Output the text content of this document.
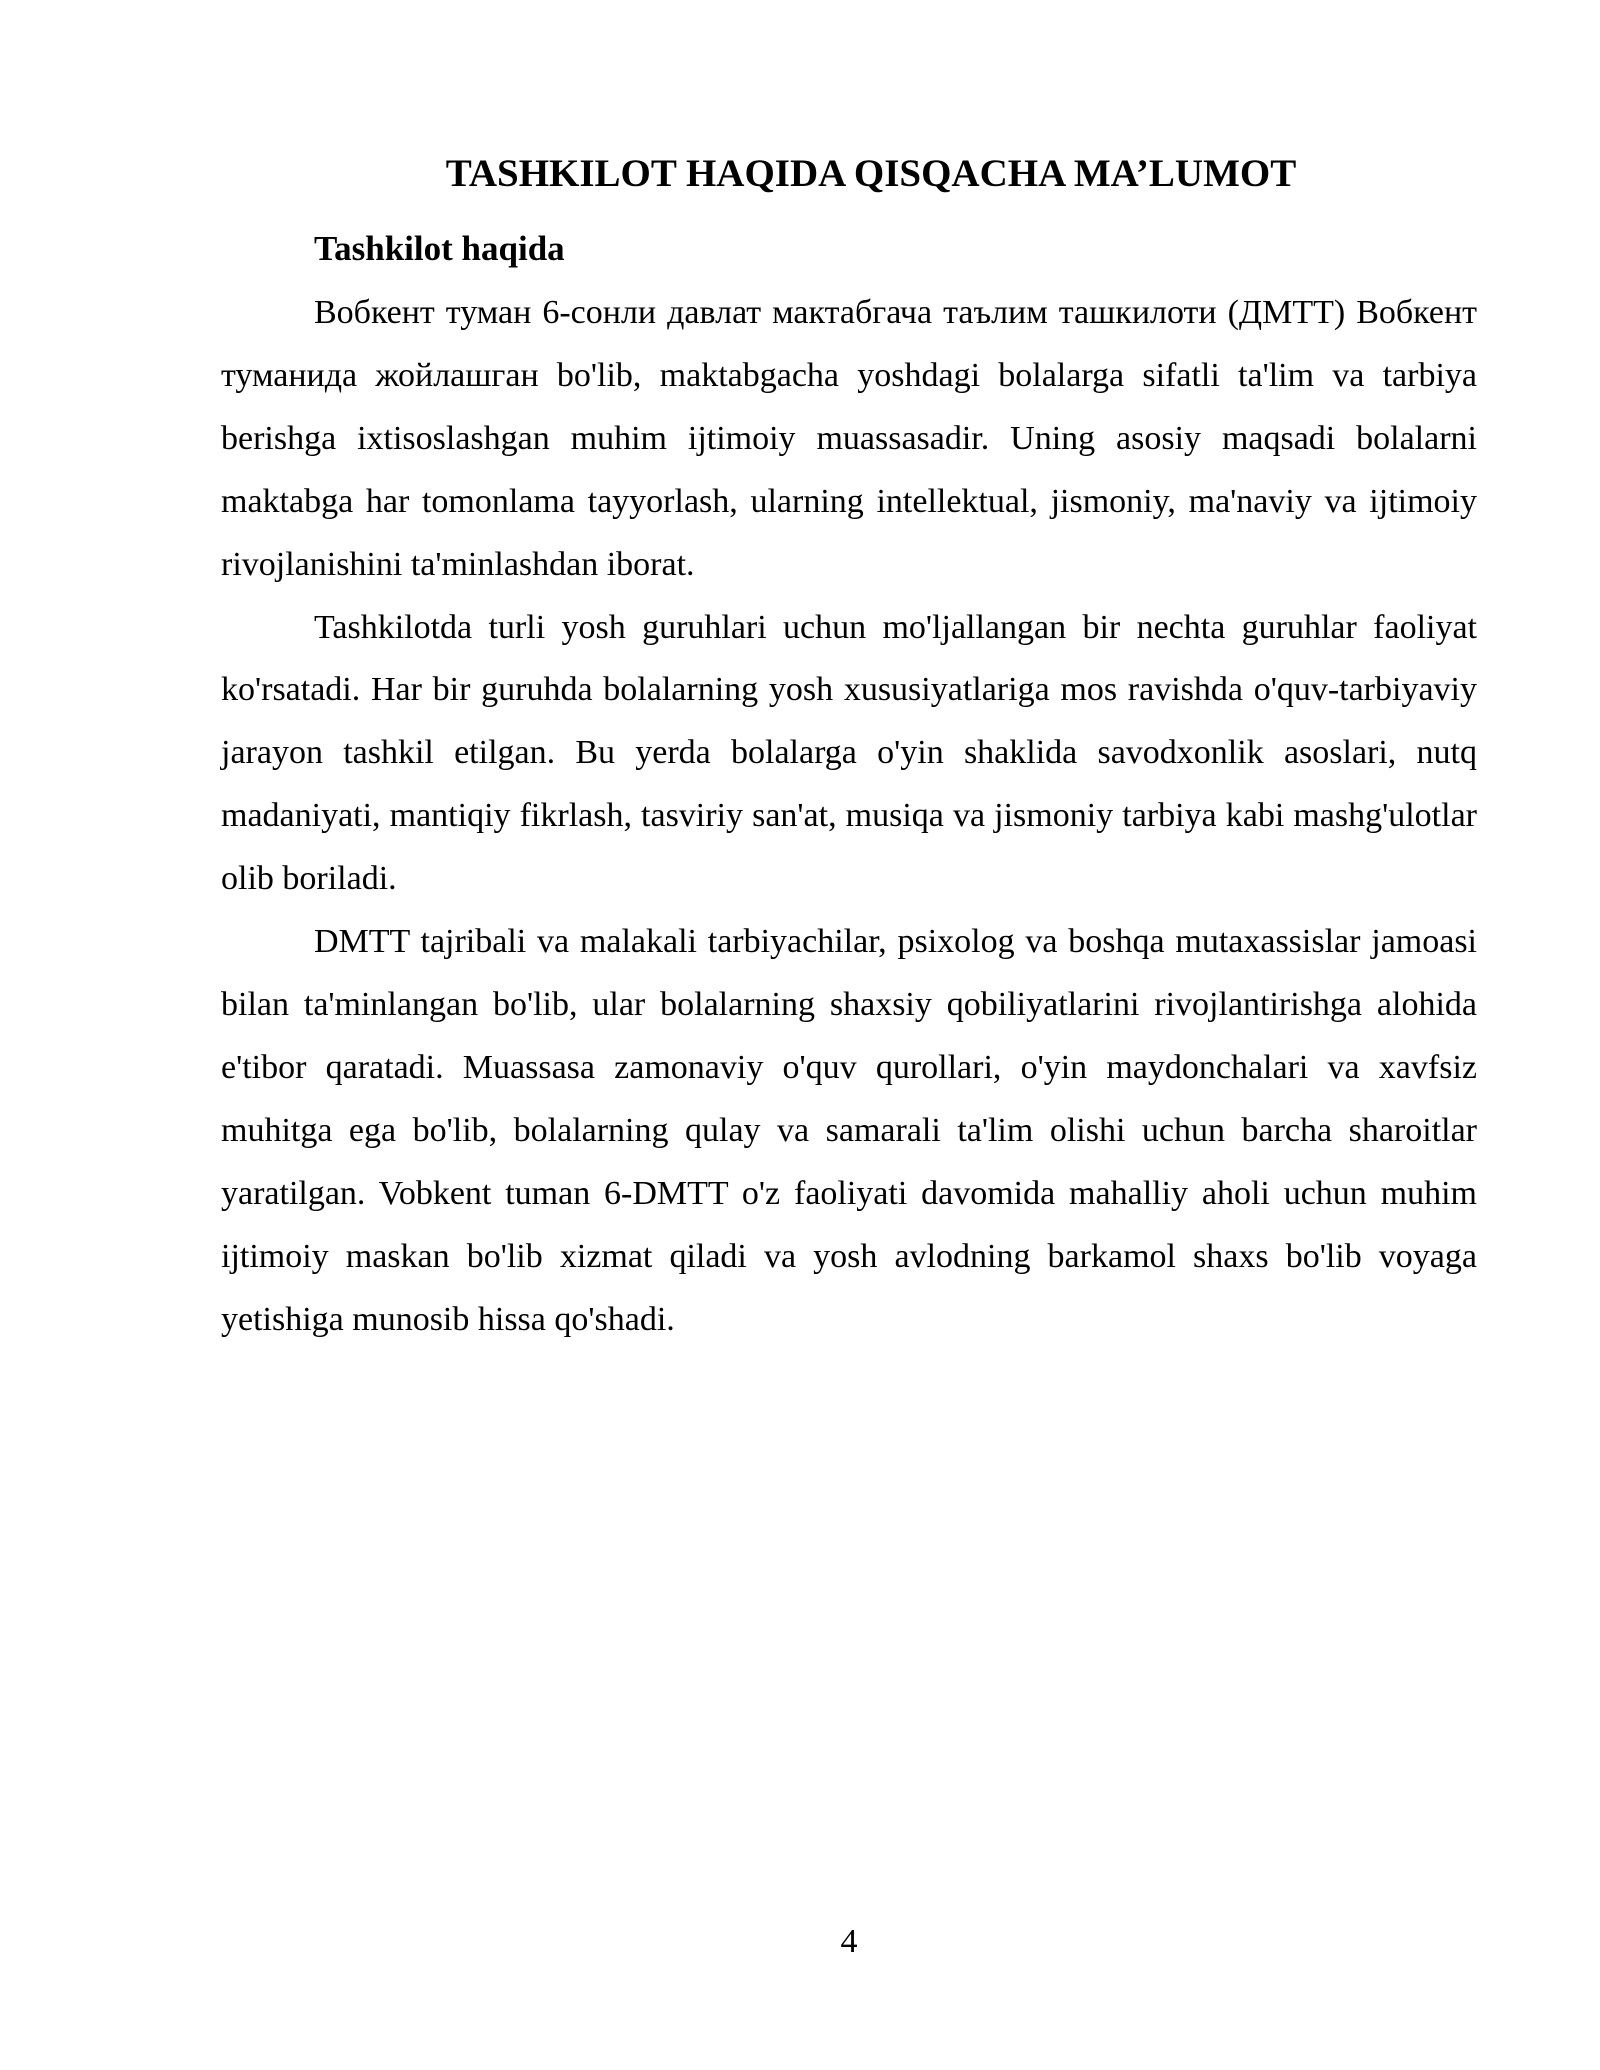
TASHKILOT HAQIDA QISQACHA MA’LUMOT
Tashkilot haqida

Вобкент туман 6-сонли давлат мактабгача таълим ташкилоти (ДМТТ) Вобкент туманида жойлашган bo'lib, maktabgacha yoshdagi bolalarga sifatli ta'lim va tarbiya berishga ixtisoslashgan muhim ijtimoiy muassasadir. Uning asosiy maqsadi bolalarni maktabga har tomonlama tayyorlash, ularning intellektual, jismoniy, ma'naviy va ijtimoiy rivojlanishini ta'minlashdan iborat.

Tashkilotda turli yosh guruhlari uchun mo'ljallangan bir nechta guruhlar faoliyat ko'rsatadi. Har bir guruhda bolalarning yosh xususiyatlariga mos ravishda o'quv-tarbiyaviy jarayon tashkil etilgan. Bu yerda bolalarga o'yin shaklida savodxonlik asoslari, nutq madaniyati, mantiqiy fikrlash, tasviriy san'at, musiqa va jismoniy tarbiya kabi mashg'ulotlar olib boriladi.

DMTT tajribali va malakali tarbiyachilar, psixolog va boshqa mutaxassislar jamoasi bilan ta'minlangan bo'lib, ular bolalarning shaxsiy qobiliyatlarini rivojlantirishga alohida e'tibor qaratadi. Muassasa zamonaviy o'quv qurollari, o'yin maydonchalari va xavfsiz muhitga ega bo'lib, bolalarning qulay va samarali ta'lim olishi uchun barcha sharoitlar yaratilgan. Vobkent tuman 6-DMTT o'z faoliyati davomida mahalliy aholi uchun muhim ijtimoiy maskan bo'lib xizmat qiladi va yosh avlodning barkamol shaxs bo'lib voyaga yetishiga munosib hissa qo'shadi.

4
